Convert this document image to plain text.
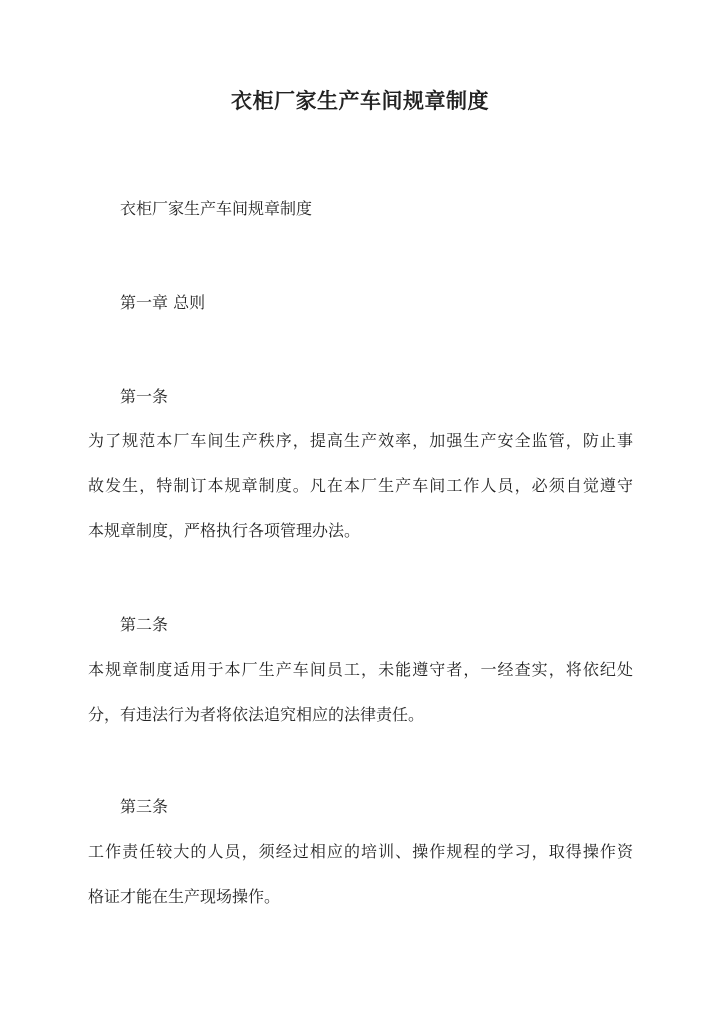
衣柜厂家生产车间规章制度
衣柜厂家生产车间规章制度
第一章 总则
第一条
为了规范本厂车间生产秩序，提高生产效率，加强生产安全监管，防止事
故发生，特制订本规章制度。凡在本厂生产车间工作人员，必须自觉遵守
本规章制度，严格执行各项管理办法。
第二条
本规章制度适用于本厂生产车间员工，未能遵守者，一经查实，将依纪处
分，有违法行为者将依法追究相应的法律责任。
第三条
工作责任较大的人员，须经过相应的培训、操作规程的学习，取得操作资
格证才能在生产现场操作。
